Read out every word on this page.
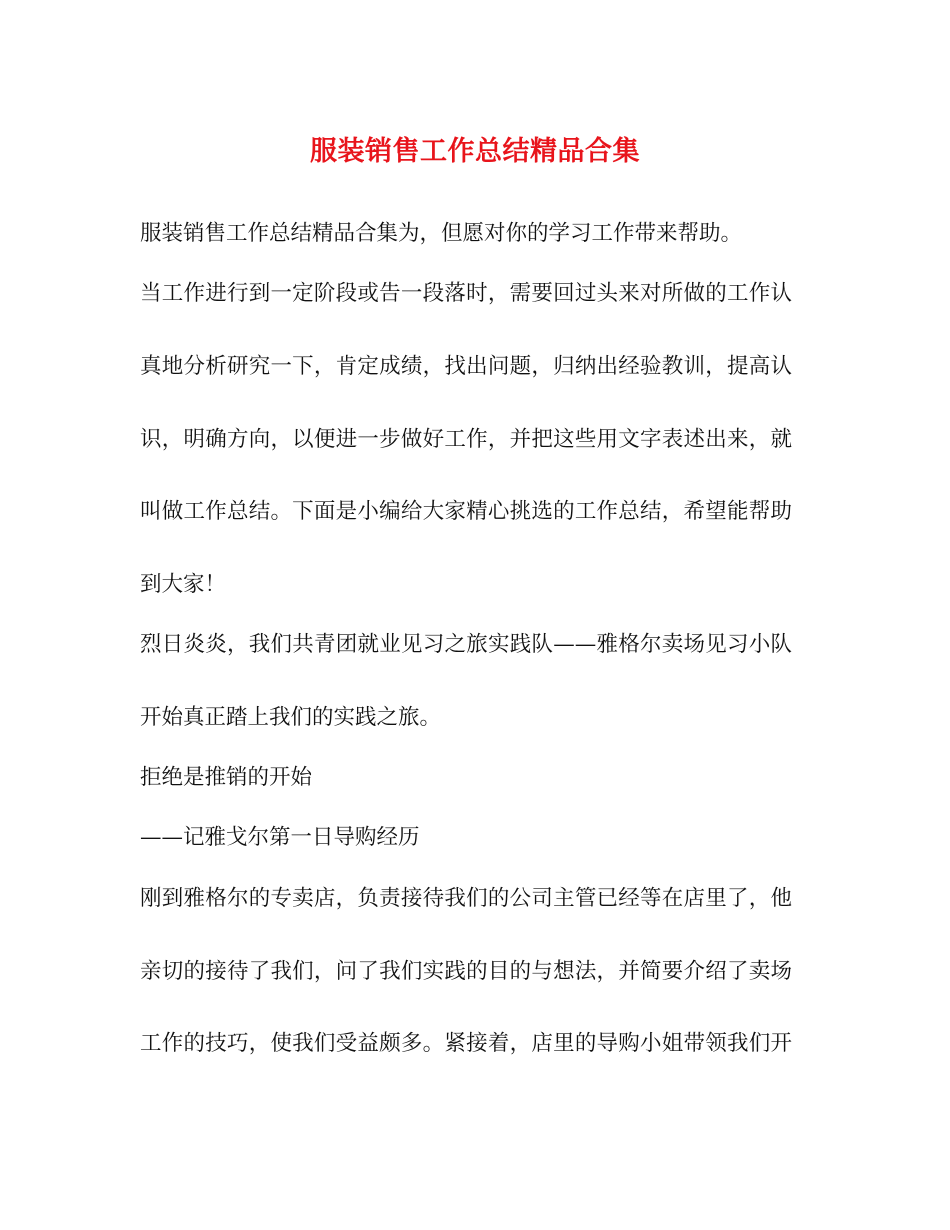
服装销售工作总结精品合集
服装销售工作总结精品合集为，但愿对你的学习工作带来帮助。
当工作进行到一定阶段或告一段落时，需要回过头来对所做的工作认
真地分析研究一下，肯定成绩，找出问题，归纳出经验教训，提高认
识，明确方向，以便进一步做好工作，并把这些用文字表述出来，就
叫做工作总结。下面是小编给大家精心挑选的工作总结，希望能帮助
到大家！
烈日炎炎，我们共青团就业见习之旅实践队——雅格尔卖场见习小队
开始真正踏上我们的实践之旅。
拒绝是推销的开始
——记雅戈尔第一日导购经历
刚到雅格尔的专卖店，负责接待我们的公司主管已经等在店里了，他
亲切的接待了我们，问了我们实践的目的与想法，并简要介绍了卖场
工作的技巧，使我们受益颇多。紧接着，店里的导购小姐带领我们开
